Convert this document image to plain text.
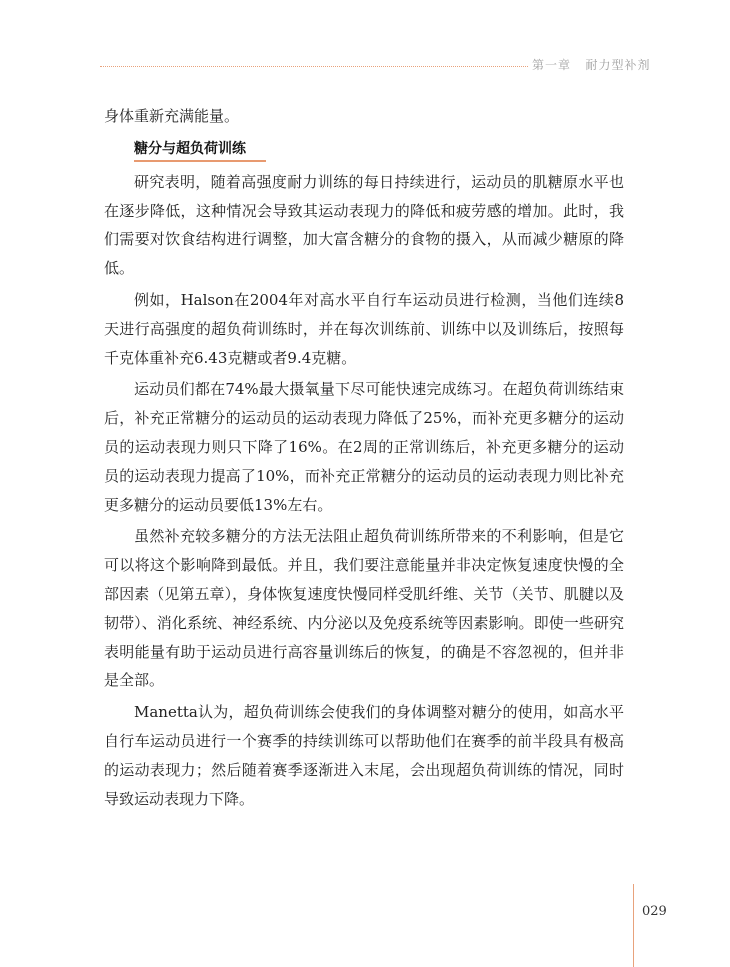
第一章 耐力型补剂

身体重新充满能量。

糖分与超负荷训练

研究表明，随着高强度耐力训练的每日持续进行，运动员的肌糖原水平也在逐步降低，这种情况会导致其运动表现力的降低和疲劳感的增加。此时，我们需要对饮食结构进行调整，加大富含糖分的食物的摄入，从而减少糖原的降低。

例如，Halson在2004年对高水平自行车运动员进行检测，当他们连续8天进行高强度的超负荷训练时，并在每次训练前、训练中以及训练后，按照每千克体重补充6.43克糖或者9.4克糖。

运动员们都在74%最大摄氧量下尽可能快速完成练习。在超负荷训练结束后，补充正常糖分的运动员的运动表现力降低了25%，而补充更多糖分的运动员的运动表现力则只下降了16%。在2周的正常训练后，补充更多糖分的运动员的运动表现力提高了10%，而补充正常糖分的运动员的运动表现力则比补充更多糖分的运动员要低13%左右。

虽然补充较多糖分的方法无法阻止超负荷训练所带来的不利影响，但是它可以将这个影响降到最低。并且，我们要注意能量并非决定恢复速度快慢的全部因素（见第五章），身体恢复速度快慢同样受肌纤维、关节（关节、肌腱以及韧带）、消化系统、神经系统、内分泌以及免疫系统等因素影响。即使一些研究表明能量有助于运动员进行高容量训练后的恢复，的确是不容忽视的，但并非是全部。

Manetta认为，超负荷训练会使我们的身体调整对糖分的使用，如高水平自行车运动员进行一个赛季的持续训练可以帮助他们在赛季的前半段具有极高的运动表现力；然后随着赛季逐渐进入末尾，会出现超负荷训练的情况，同时导致运动表现力下降。

029
